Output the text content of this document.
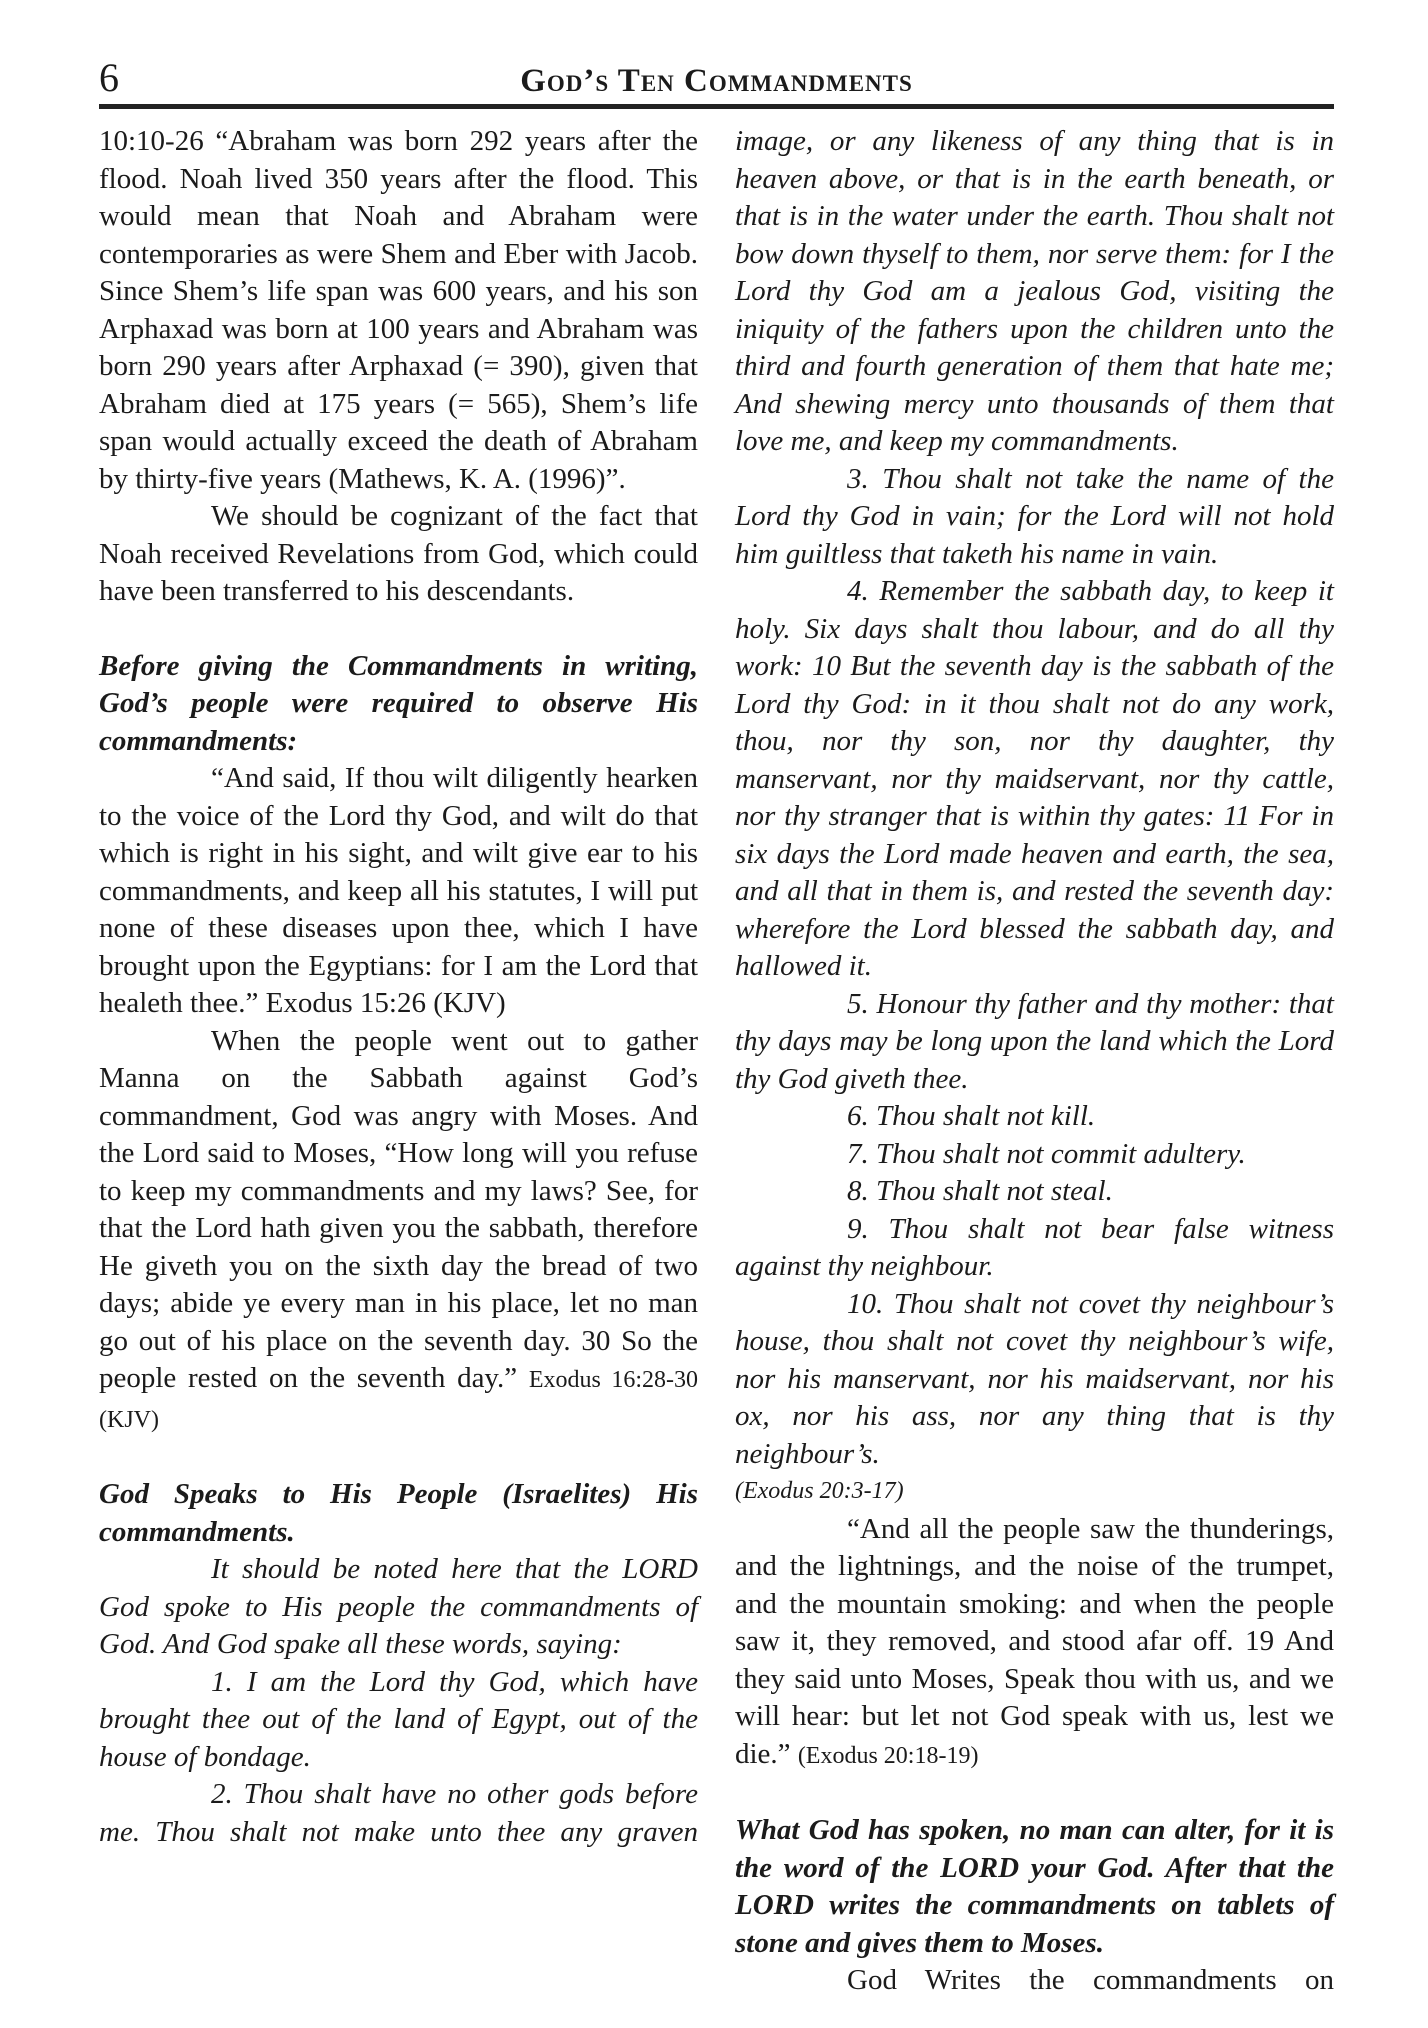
6	God’s Ten Commandments

10:10-26 “Abraham was born 292 years after the flood. Noah lived 350 years after the flood. This would mean that Noah and Abraham were contemporaries as were Shem and Eber with Jacob. Since Shem’s life span was 600 years, and his son Arphaxad was born at 100 years and Abraham was born 290 years after Arphaxad (= 390), given that Abraham died at 175 years (= 565), Shem’s life span would actually exceed the death of Abraham by thirty-five years (Mathews, K. A. (1996)”.

We should be cognizant of the fact that Noah received Revelations from God, which could have been transferred to his descendants.

Before giving the Commandments in writing, God’s people were required to observe His commandments:

“And said, If thou wilt diligently hearken to the voice of the Lord thy God, and wilt do that which is right in his sight, and wilt give ear to his commandments, and keep all his statutes, I will put none of these diseases upon thee, which I have brought upon the Egyptians: for I am the Lord that healeth thee.” Exodus 15:26 (KJV)

When the people went out to gather Manna on the Sabbath against God’s commandment, God was angry with Moses. And the Lord said to Moses, “How long will you refuse to keep my commandments and my laws? See, for that the Lord hath given you the sabbath, therefore He giveth you on the sixth day the bread of two days; abide ye every man in his place, let no man go out of his place on the seventh day. 30 So the people rested on the seventh day.” Exodus 16:28-30 (KJV)

God Speaks to His People (Israelites) His commandments.

It should be noted here that the LORD God spoke to His people the commandments of God. And God spake all these words, saying:

1. I am the Lord thy God, which have brought thee out of the land of Egypt, out of the house of bondage.

2. Thou shalt have no other gods before me. Thou shalt not make unto thee any graven

image, or any likeness of any thing that is in heaven above, or that is in the earth beneath, or that is in the water under the earth. Thou shalt not bow down thyself to them, nor serve them: for I the Lord thy God am a jealous God, visiting the iniquity of the fathers upon the children unto the third and fourth generation of them that hate me; And shewing mercy unto thousands of them that love me, and keep my commandments.

3. Thou shalt not take the name of the Lord thy God in vain; for the Lord will not hold him guiltless that taketh his name in vain.

4. Remember the sabbath day, to keep it holy. Six days shalt thou labour, and do all thy work: 10 But the seventh day is the sabbath of the Lord thy God: in it thou shalt not do any work, thou, nor thy son, nor thy daughter, thy manservant, nor thy maidservant, nor thy cattle, nor thy stranger that is within thy gates: 11 For in six days the Lord made heaven and earth, the sea, and all that in them is, and rested the seventh day: wherefore the Lord blessed the sabbath day, and hallowed it.

5. Honour thy father and thy mother: that thy days may be long upon the land which the Lord thy God giveth thee.

6. Thou shalt not kill.

7. Thou shalt not commit adultery.

8. Thou shalt not steal.

9. Thou shalt not bear false witness against thy neighbour.

10. Thou shalt not covet thy neighbour’s house, thou shalt not covet thy neighbour’s wife, nor his manservant, nor his maidservant, nor his ox, nor his ass, nor any thing that is thy neighbour’s.

(Exodus 20:3-17)

“And all the people saw the thunderings, and the lightnings, and the noise of the trumpet, and the mountain smoking: and when the people saw it, they removed, and stood afar off. 19 And they said unto Moses, Speak thou with us, and we will hear: but let not God speak with us, lest we die.” (Exodus 20:18-19)

What God has spoken, no man can alter, for it is the word of the LORD your God. After that the LORD writes the commandments on tablets of stone and gives them to Moses.

God Writes the commandments on
